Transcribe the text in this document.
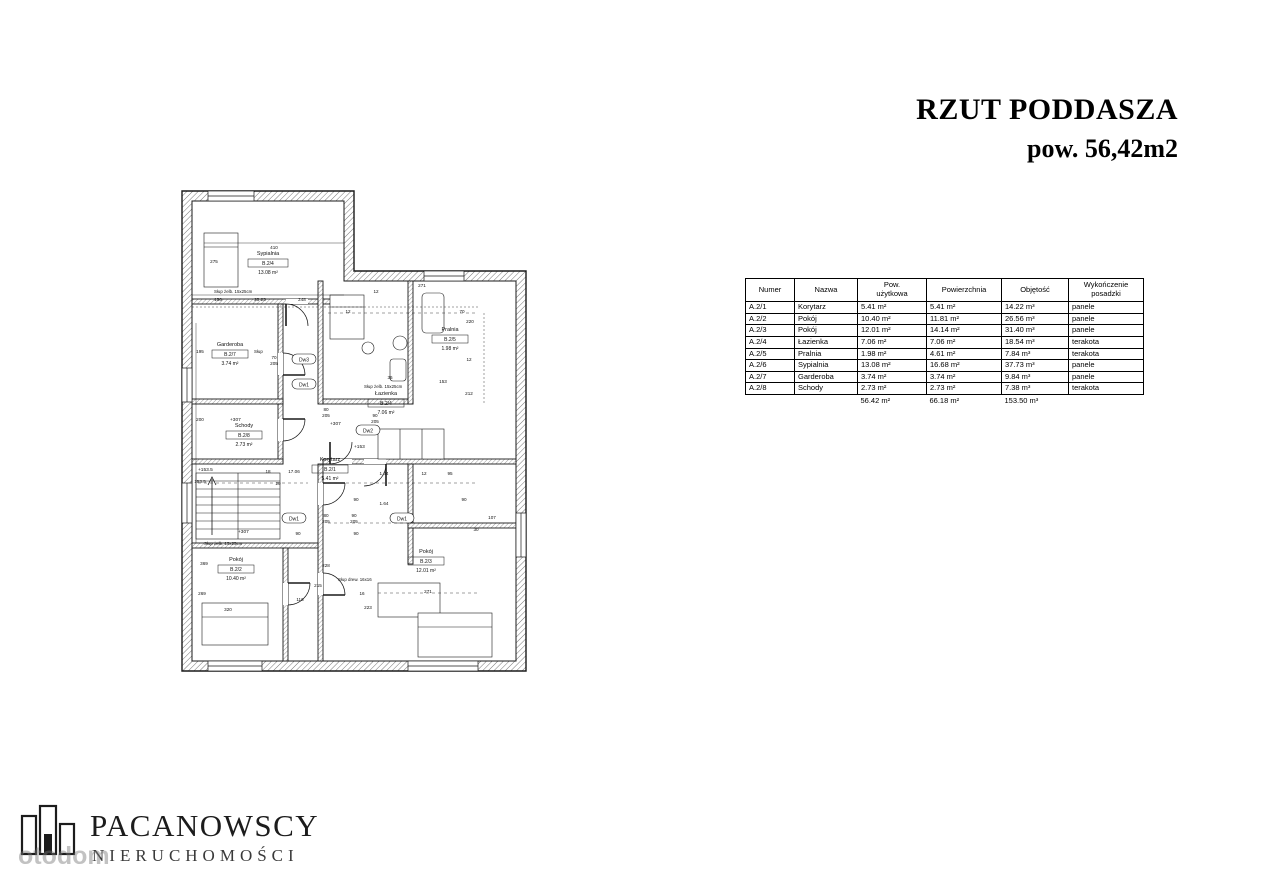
RZUT PODDASZA
pow. 56,42m2
Numer	Nazwa	Pow.
użytkowa	Powierzchnia	Objętość	Wykończenie
posadzki
A.2/1	Korytarz	5.41 m²	5.41 m²	14.22 m³	panele
A.2/2	Pokój	10.40 m²	11.81 m²	26.56 m³	panele
A.2/3	Pokój	12.01 m²	14.14 m²	31.40 m³	panele
A.2/4	Łazienka	7.06 m²	7.06 m²	18.54 m³	terakota
A.2/5	Pralnia	1.98 m²	4.61 m²	7.84 m³	terakota
A.2/6	Sypialnia	13.08 m²	16.68 m²	37.73 m³	panele
A.2/7	Garderoba	3.74 m²	3.74 m²	9.84 m³	panele
A.2/8	Schody	2.73 m²	2.73 m²	7.38 m³	terakota
		56.42 m²	66.18 m²	153.50 m³	
Sypialnia
B.2/4
13.08 m²
Garderoba
B.2/7
3.74 m²
Pralnia
B.2/5
1.98 m²
Łazienka
B.2/4
7.06 m²
Schody
B.2/8
2.73 m²
Korytarz
B.2/1
5.41 m²
Pokój
B.2/3
12.01 m²
Pokój
B.2/2
10.40 m²
Dw3
Dw1
Dw2
Dw1	Dw1
80
205
80
205
90
205
90
205
70
205
+307
+307
+153.5
+153
+307
Słup żelb. 15x25cm
Słup żelb. 15x25cm
Słup żelb. 15x25cm
Słup drew. 16x16
Słup
410
275
156	25 23	248
12
271
220
70
12
212
195
200
153.5
369
269
320
18	17.06
29
1.64
1.64
12	95
90
30
107
90
90
90
228
215
16
116
223
271
12
36
153
PACANOWSCY
NIERUCHOMOŚCI
otodom
